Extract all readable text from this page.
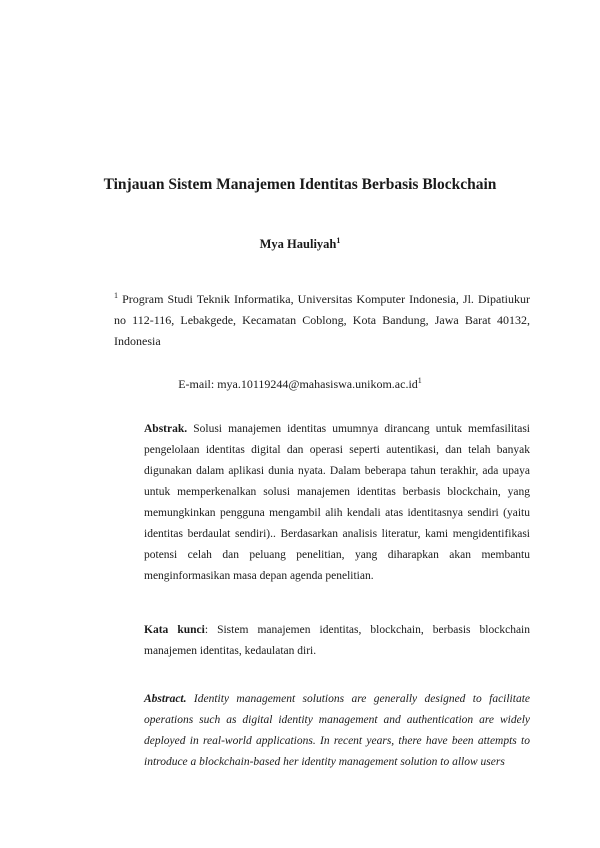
Tinjauan Sistem Manajemen Identitas Berbasis Blockchain
Mya Hauliyah$^1$
$^1$ Program Studi Teknik Informatika, Universitas Komputer Indonesia, Jl. Dipatiukur no 112-116, Lebakgede, Kecamatan Coblong, Kota Bandung, Jawa Barat 40132, Indonesia
E-mail: $mya.10119244@mahasiswa.unikom.ac.id^1$
Abstrak. Solusi manajemen identitas umumnya dirancang untuk memfasilitasi pengelolaan identitas digital dan operasi seperti autentikasi, dan telah banyak digunakan dalam aplikasi dunia nyata. Dalam beberapa tahun terakhir, ada upaya untuk memperkenalkan solusi manajemen identitas berbasis blockchain, yang memungkinkan pengguna mengambil alih kendali atas identitasnya sendiri (yaitu identitas berdaulat sendiri).. Berdasarkan analisis literatur, kami mengidentifikasi potensi celah dan peluang penelitian, yang diharapkan akan membantu menginformasikan masa depan agenda penelitian.
Kata kunci: Sistem manajemen identitas, blockchain, berbasis blockchain manajemen identitas, kedaulatan diri.
Abstract. Identity management solutions are generally designed to facilitate operations such as digital identity management and authentication are widely deployed in real-world applications. In recent years, there have been attempts to introduce a blockchain-based her identity management solution to allow users
